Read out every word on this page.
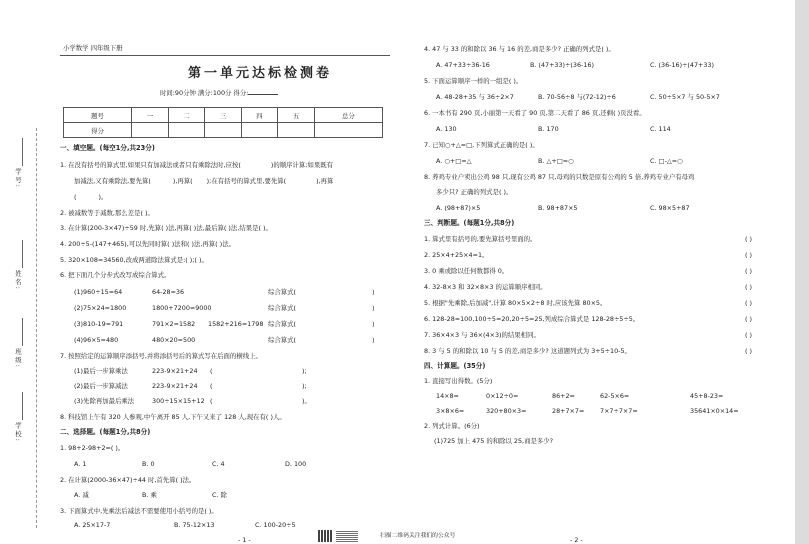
小学数学 四年级下册
第一单元达标检测卷
时间:90分钟 满分:100分 得分:
题号	一	二	三	四	五	总分
得分						
学号:
姓名:
班级:
学校:
一、填空题。(每空1分,共23分)
1. 在没有括号的算式里,如果只有加减法或者只有乘除法时,应按(	)的顺序计算;如果既有
加减法,又有乘除法,要先算(	),再算( );在有括号的算式里,要先算(	),再算
(	)。
2. 被减数等于减数,那么差是( )。
3. 在计算(200-3×47)÷59 时,先算( )法,再算( )法,最后算( )法,结果是( )。
4. 200÷5-(147+465),可以先同时算( )法和( )法,再算( )法。
5. 320×108=34560,改成两道除法算式是:( );( )。
6. 把下面几个分步式改写成综合算式。
(1)960÷15=64	64-28=36	综合算式(	)
(2)75×24=1800	1800+7200=9000	综合算式(	)
(3)810-19=791	791×2=1582 1582+216=1798 综合算式(	)
(4)96×5=480	480×20=500	综合算式(	)
7. 按照给定的运算顺序添括号,并将添括号后的算式写在后面的横线上。
(1)最后一步算乘法	223-9×21+24 (	);
(2)最后一步算减法	223-9×21+24 (	);
(3)先除再加最后乘法	300÷15×15+12 (	)。
8. 科技馆上午有 320 人参观,中午离开 85 人,下午又来了 128 人,现在有( )人。
二、选择题。(每题1分,共8分)
1. 98+2-98+2=( )。
A. 1	B. 0	C. 4	D. 100
2. 在计算(2000-36×47)÷44 时,首先算( )法。
A. 减	B. 乘	C. 除
3. 下面算式中,先乘法后减法不需要使用小括号的是( )。
A. 25×17-7	B. 75-12×13	C. 100-20÷5
4. 47 与 33 的和除以 36 与 16 的差,商是多少? 正确的列式是( )。
A. 47+33÷36-16	B. (47+33)÷(36-16)	C. (36-16)÷(47+33)
5. 下面运算顺序一样的一组是( )。
A. 48-28+35 与 36÷2×7	B. 70-56÷8 与(72-12)÷6	C. 50÷5×7 与 50-5×7
6. 一本书有 290 页,小丽第一天看了 90 页,第二天看了 86 页,还剩( )页没看。
A. 130	B. 170	C. 114
7. 已知○+△=□,下列算式正确的是( )。
A. ○+□=△	B. △+□=○	C. □-△=○
8. 养鸡专业户卖出公鸡 98 只,现有公鸡 87 只,母鸡的只数是原有公鸡的 5 倍,养鸡专业户有母鸡
多少只? 正确的列式是( )。
A. (98+87)×5	B. 98+87×5	C. 98×5+87
三、判断题。(每题1分,共8分)
1. 算式里有括号的,要先算括号里面的。	( )
2. 25×4+25×4=1。	( )
3. 0 乘或除以任何数都得 0。	( )
4. 32-8×3 和 32×8×3 的运算顺序相同。	( )
5. 根据"先乘除,后加减",计算 80×5×2÷8 时,应该先算 80×5。	( )
6. 128-28=100,100÷5=20,20÷5=25,列成综合算式是 128-28÷5÷5。	( )
7. 36×4×3 与 36×(4×3)的结果相同。	( )
8. 3 与 5 的和除以 10 与 5 的差,商是多少? 这道题列式为 3+5÷10-5。	( )
四、计算题。(35分)
1. 直接写出得数。(5分)
14×8=	0×12÷0=	86+2=	62-5×6=	45+8-23=
3×8×6=	320+80×3=	28+7×7= 7×7÷7×7=	35641×0×14=
2. 列式计算。(6分)
(1)725 加上 475 的和除以 25,商是多少?
- 1 -	扫描二维码关注我们的公众号	- 2 -
